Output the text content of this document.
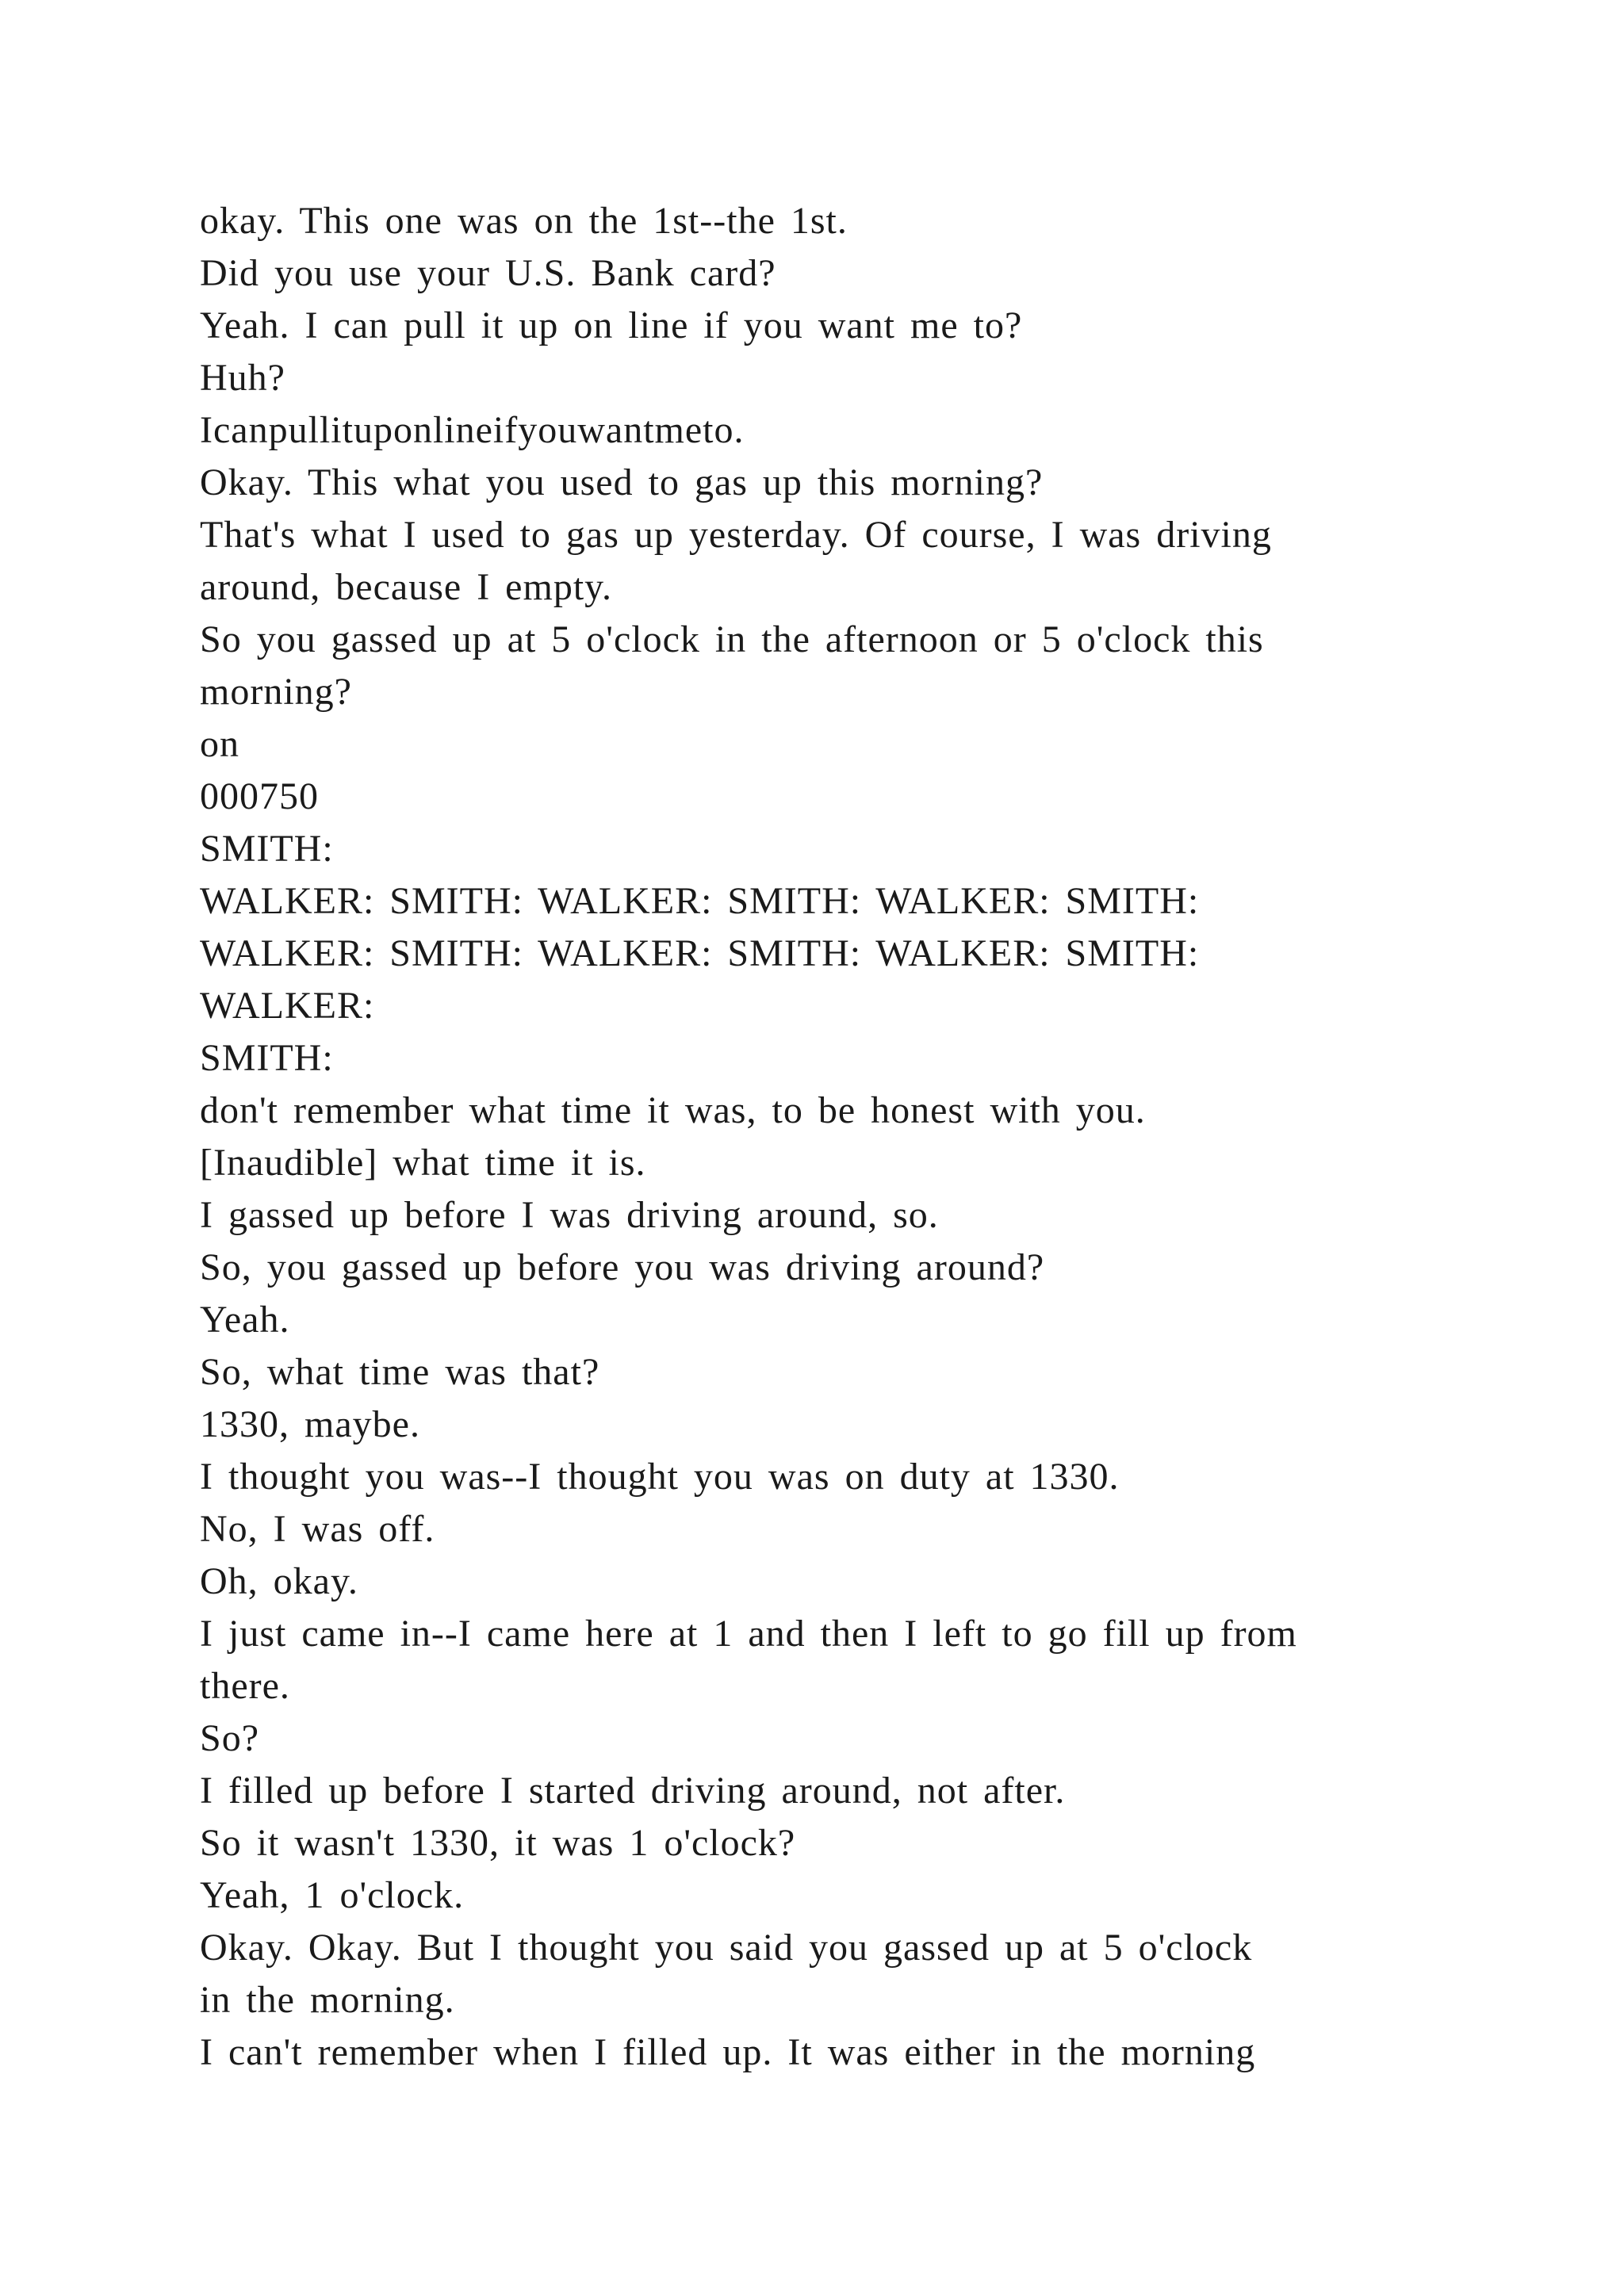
okay. This one was on the 1st--the 1st.
Did you use your U.S. Bank card?
Yeah. I can pull it up on line if you want me to?
Huh?
Icanpullituponlineifyouwantmeto.
Okay. This what you used to gas up this morning?
That's what I used to gas up yesterday. Of course, I was driving
around, because I empty.
So you gassed up at 5 o'clock in the afternoon or 5 o'clock this
morning?
on
000750
SMITH:
WALKER: SMITH: WALKER: SMITH: WALKER: SMITH:
WALKER: SMITH: WALKER: SMITH: WALKER: SMITH:
WALKER:
SMITH:
don't remember what time it was, to be honest with you.
[Inaudible] what time it is.
I gassed up before I was driving around, so.
So, you gassed up before you was driving around?
Yeah.
So, what time was that?
1330, maybe.
I thought you was--I thought you was on duty at 1330.
No, I was off.
Oh, okay.
I just came in--I came here at 1 and then I left to go fill up from
there.
So?
I filled up before I started driving around, not after.
So it wasn't 1330, it was 1 o'clock?
Yeah, 1 o'clock.
Okay. Okay. But I thought you said you gassed up at 5 o'clock
in the morning.
I can't remember when I filled up. It was either in the morning
